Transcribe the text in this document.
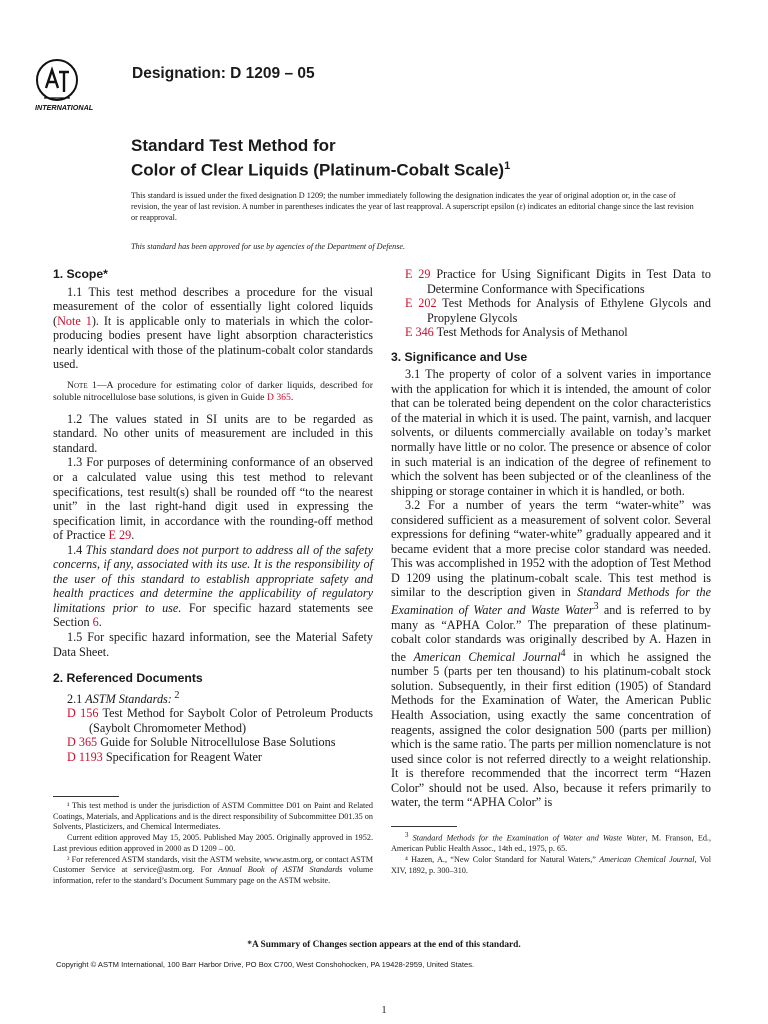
INTERNATIONAL
Designation: D 1209 – 05
Standard Test Method for
Color of Clear Liquids (Platinum-Cobalt Scale)$^1$
This standard is issued under the fixed designation D 1209; the number immediately following the designation indicates the year of original adoption or, in the case of revision, the year of last revision. A number in parentheses indicates the year of last reapproval. A superscript epsilon (ε) indicates an editorial change since the last revision or reapproval.
This standard has been approved for use by agencies of the Department of Defense.

1. Scope*

1.1 This test method describes a procedure for the visual measurement of the color of essentially light colored liquids (Note 1). It is applicable only to materials in which the color-producing bodies present have light absorption characteristics nearly identical with those of the platinum-cobalt color standards used.

Note 1—A procedure for estimating color of darker liquids, described for soluble nitrocellulose base solutions, is given in Guide D 365.

1.2 The values stated in SI units are to be regarded as standard. No other units of measurement are included in this standard.

1.3 For purposes of determining conformance of an observed or a calculated value using this test method to relevant specifications, test result(s) shall be rounded off “to the nearest unit” in the last right-hand digit used in expressing the specification limit, in accordance with the rounding-off method of Practice E 29.

1.4 This standard does not purport to address all of the safety concerns, if any, associated with its use. It is the responsibility of the user of this standard to establish appropriate safety and health practices and determine the applicability of regulatory limitations prior to use. For specific hazard statements see Section 6.

1.5 For specific hazard information, see the Material Safety Data Sheet.

2. Referenced Documents

2.1 ASTM Standards: $^2$

D 156 Test Method for Saybolt Color of Petroleum Products (Saybolt Chromometer Method)

D 365 Guide for Soluble Nitrocellulose Base Solutions

D 1193 Specification for Reagent Water

¹ This test method is under the jurisdiction of ASTM Committee D01 on Paint and Related Coatings, Materials, and Applications and is the direct responsibility of Subcommittee D01.35 on Solvents, Plasticizers, and Chemical Intermediates.

Current edition approved May 15, 2005. Published May 2005. Originally approved in 1952. Last previous edition approved in 2000 as D 1209 – 00.

² For referenced ASTM standards, visit the ASTM website, www.astm.org, or contact ASTM Customer Service at service@astm.org. For Annual Book of ASTM Standards volume information, refer to the standard’s Document Summary page on the ASTM website.

E 29 Practice for Using Significant Digits in Test Data to Determine Conformance with Specifications

E 202 Test Methods for Analysis of Ethylene Glycols and Propylene Glycols

E 346 Test Methods for Analysis of Methanol

3. Significance and Use

3.1 The property of color of a solvent varies in importance with the application for which it is intended, the amount of color that can be tolerated being dependent on the color characteristics of the material in which it is used. The paint, varnish, and lacquer solvents, or diluents commercially available on today’s market normally have little or no color. The presence or absence of color in such material is an indication of the degree of refinement to which the solvent has been subjected or of the cleanliness of the shipping or storage container in which it is handled, or both.

3.2 For a number of years the term “water-white” was considered sufficient as a measurement of solvent color. Several expressions for defining “water-white” gradually appeared and it became evident that a more precise color standard was needed. This was accomplished in 1952 with the adoption of Test Method D 1209 using the platinum-cobalt scale. This test method is similar to the description given in Standard Methods for the Examination of Water and Waste Water$^3$ and is referred to by many as “APHA Color.” The preparation of these platinum-cobalt color standards was originally described by A. Hazen in the American Chemical Journal$^4$ in which he assigned the number 5 (parts per ten thousand) to his platinum-cobalt stock solution. Subsequently, in their first edition (1905) of Standard Methods for the Examination of Water, the American Public Health Association, using exactly the same concentration of reagents, assigned the color designation 500 (parts per million) which is the same ratio. The parts per million nomenclature is not used since color is not referred directly to a weight relationship. It is therefore recommended that the incorrect term “Hazen Color” should not be used. Also, because it refers primarily to water, the term “APHA Color” is

$^3$ Standard Methods for the Examination of Water and Waste Water, M. Franson, Ed., American Public Health Assoc., 14th ed., 1975, p. 65.

⁴ Hazen, A., “New Color Standard for Natural Waters,” American Chemical Journal, Vol XIV, 1892, p. 300–310.

*A Summary of Changes section appears at the end of this standard.
Copyright © ASTM International, 100 Barr Harbor Drive, PO Box C700, West Conshohocken, PA 19428-2959, United States.
1
